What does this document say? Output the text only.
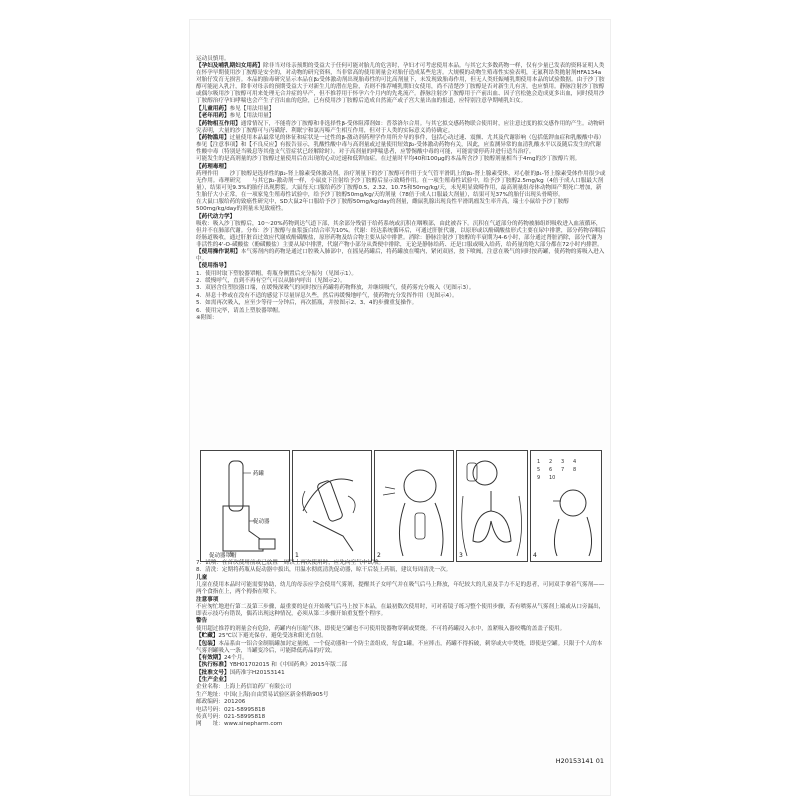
运动员慎用。

【孕妇及哺乳期妇女用药】除非当对母亲预期的受益大于任何可能对胎儿的危害时，孕妇才可考虑使用本品。与其它大多数药物一样，仅有少量已发表的资料证明人类在怀孕早期使用沙丁胺醇是安全的，对动物的研究资料，当非常高的使用剂量会对胎仔造成某些危害。大规模的动物生殖毒性实验表明，无氟利昂类抛射剂HFA134a对胎仔发育无损害。本品的胎毒研究显示本品在β₂受体激动剂出现胎毒性的可比高剂量下，未发现致胎毒作用，但无人类妊娠哺乳期使用本品的试验数据。由于沙丁胺醇可能泌入乳汁，除非对母亲的预期受益大于对新生儿的潜在危险，否则不推荐哺乳期妇女使用，尚不清楚沙丁胺醇是否对新生儿有害，也应慎用。静脉注射沙丁胺醇或偶尔吸用沙丁胺醇可用来处理无合并症的早产，但不推荐用于怀孕六个月内的先兆流产。静脉注射沙丁胺醇用于产前出血、因子宫松弛会造成更多出血，同时使用沙丁胺醇治疗孕妇哮喘也会产生子宫出血的危险，已有使用沙丁胺醇后造成自然流产或子宫大量出血的报道，应特别注意孕期哺乳妇女。

【儿童用药】参见【用法用量】

【老年用药】参见【用法用量】

【药物相互作用】通常情况下，不能将沙丁胺醇和非选择性β-受体阻滞剂如：普萘洛尔合用。与其它拟交感药物联合使用时，应注意过度的拟交感作用的产生。动物研究表明，大量的沙丁胺醇可与丙磺舒、利眠宁和氯丙嗪产生相互作用，但对于人类的实际意义尚待确定。

【药物滥用】过量使用本品最常见的体征和症状是一过性的β-激动剂药理学作用所介导的事件，包括心动过速、震颤、尤其及代谢影响（包括低钾血症和乳酸酸中毒）参见【注意事项】和【不良反应】有报告显示，乳酸性酸中毒与高剂量或过量使用短效β₂-受体激动药物有关，因此，应监测异常的血清乳酸水平以及随后发生的代谢性酸中毒（特别是当吸息等其他支气管症状已经解除时）。对于高剂量的哮喘患者，应警惕酸中毒的可能，可能需要停药并进行适当治疗。

可能发生的是高剂量的沙丁胺醇过量使用后在出现的心动过速和低钾血症。在过量时平均40和100μg的本品所含沙丁胺醇剂量相当于4mg的沙丁胺醇片剂。

【药理毒理】
药理作用　　沙丁胺醇是选择性的β₂-肾上腺素受体激动剂，治疗剂量下的沙丁胺醇可作用于支气管平滑肌上的β₂-肾上腺素受体，对心脏的β₁-肾上腺素受体作用很少或无作用。毒理研究　　与其它β₂-激动剂一样，小鼠皮下注射给予沙丁胺醇后显示致畸作用。在一项生殖毒性试验中，给予沙丁胺醇2.5mg/kg（4倍于成人口服最大剂量），结果可见9.3%的胎仔出现腭裂。大鼠每天口服给药沙丁胺醇0.5、2.32、10.75和50mg/kg/天，未见明显致畸作用，最高剂量组母体动物围产期死亡增加，新生胎仔大小正常，在一项家兔生殖毒性试验中，给予沙丁胺醇50mg/kg/天的剂量（78倍于成人口服最大剂量），结果可见37%的胎仔出现头骨畸形。

在大鼠口服给药的致癌性研究中，SD大鼠2年口服给予沙丁胺醇50mg/kg/day的剂量，雌鼠乳腺出现良性平滑肌瘤发生率升高，瑞士小鼠给予沙丁胺醇500mg/kg/day的剂量未见致癌性。

【药代动力学】
吸收：吸入沙丁胺醇后，10～20%药物到达气道下部，其余部分残留于给药系统或沉积在咽喉部，由此被吞下。沉积在气道部分的药物被肺组织吸收进入血液循环，但并不在肺部代谢。分布：沙丁胺醇与血浆蛋白结合率为10%。代谢：经达系统循环后，可通过肝脏代谢，以原形或以酚磺酸盐形式主要在尿中排泄，部分药物吞咽后经肠道吸收，通过肝脏首过效应代谢成酚磺酸盐，原形药物及结合物主要从尿中排泄。消除：静脉注射沙丁胺醇的半衰期为4-6小时，部分通过肾脏消除，部分代谢为非活性的4'-O-磺酸盐（酚磺酸盐）主要从尿中排泄，代谢产物小部分从粪便中排除，无论是静脉给药、还是口服或吸入给药，给药量的绝大部分都在72小时内排泄。

【使用操作说明】本气雾剂内的药物是通过口腔吸入肺部中，在摇晃药罐后，将药罐放在嘴内，紧闭双唇，按下喷阀，注意在吸气的同时按药罐，使药物的雾吸入进入中。

【使用指导】

1．使用时取下塑胶器罩帽，将瓶身侧置后充分振匀（见图示1）。

2．缓慢呼气，直到不再有空气可以从肺内呼出（见图示2）。

3．双唇含住塑胶器口端，在缓慢深吸气的同时按压药罐将药物释放，并继续吸气，使药雾充分吸入（见图示3）。

4．屏息十秒或在没有不适的感觉下尽量屏息久些，然后再缓慢地呼气，使药物充分发挥作用（见图示4）。

5．如需再次吸入，应至少等待一分钟后，再次摇瓶，并按图示2、3、4的步骤重复操作。

6．使用完毕，请盖上塑胶器罩帽。

※附图：

药罐
促动器
促动器罩帽	1	2	3
1 2 3 4
5 6 7 8
9 10
4

7．试喷：在首次使用前或已放置一周以上再次使用时，应先向空气中试喷。

8．清洗：定期将药瓶从促动器中拔出，用温水彻底清洗促动器，晾干后装上药瓶，建议每周清洗一次。

儿童

儿童在使用本品时可能需要协助，幼儿的母亲应学会使用气雾剂，提醒其子女呼气并在吸气后马上释放，年纪较大的儿童及手力不足的患者，可同双手拿着气雾剂——两个食指在上，两个拇指在喷下。

注意事项

不应匆忙地进行第二及第三步骤，最重要的是在开始吸气后马上按下本品，在最初数次使用时，可对着镜子练习整个使用步骤，若有喷雾从气雾剂上端或从口旁漏出，即表示技巧有错误，偶若出现这种情况，必须从第二步骤开始重复整个程序。

警告

使用超过推荐的剂量会有危险，药罐内有压缩气体，即使是空罐也不可使用锐器物穿刺或焚烧。不可将药罐浸入水中，盖紧吸入器咬嘴的盖盖子使用。

【贮藏】25℃以下避光保存，避免受冻和阳光直射。

【包装】本品系由一铝合金制瓶罐加封定量阀，一个促动器和一个防尘盖组成，每盒1罐。不应摔击，药罐不得拆破，刺穿或火中焚烧，即使是空罐。只限于个人的本气雾剂罐吸入一条，当罐变冷后，可能降低药品的疗效。

【有效期】24个月。

【执行标准】YBH01702015 和《中国药典》2015年版二部

【批准文号】国药准字H20153141

【生产企业】

企业名称：上海上药信谊药厂有限公司

生产地址：中国(上海)自由贸易试验区新金桥路905号

邮政编码：201206

电话号码：021-58995818

传真号码：021-58995818

网　　址：www.sinepharm.com

H20153141 01
